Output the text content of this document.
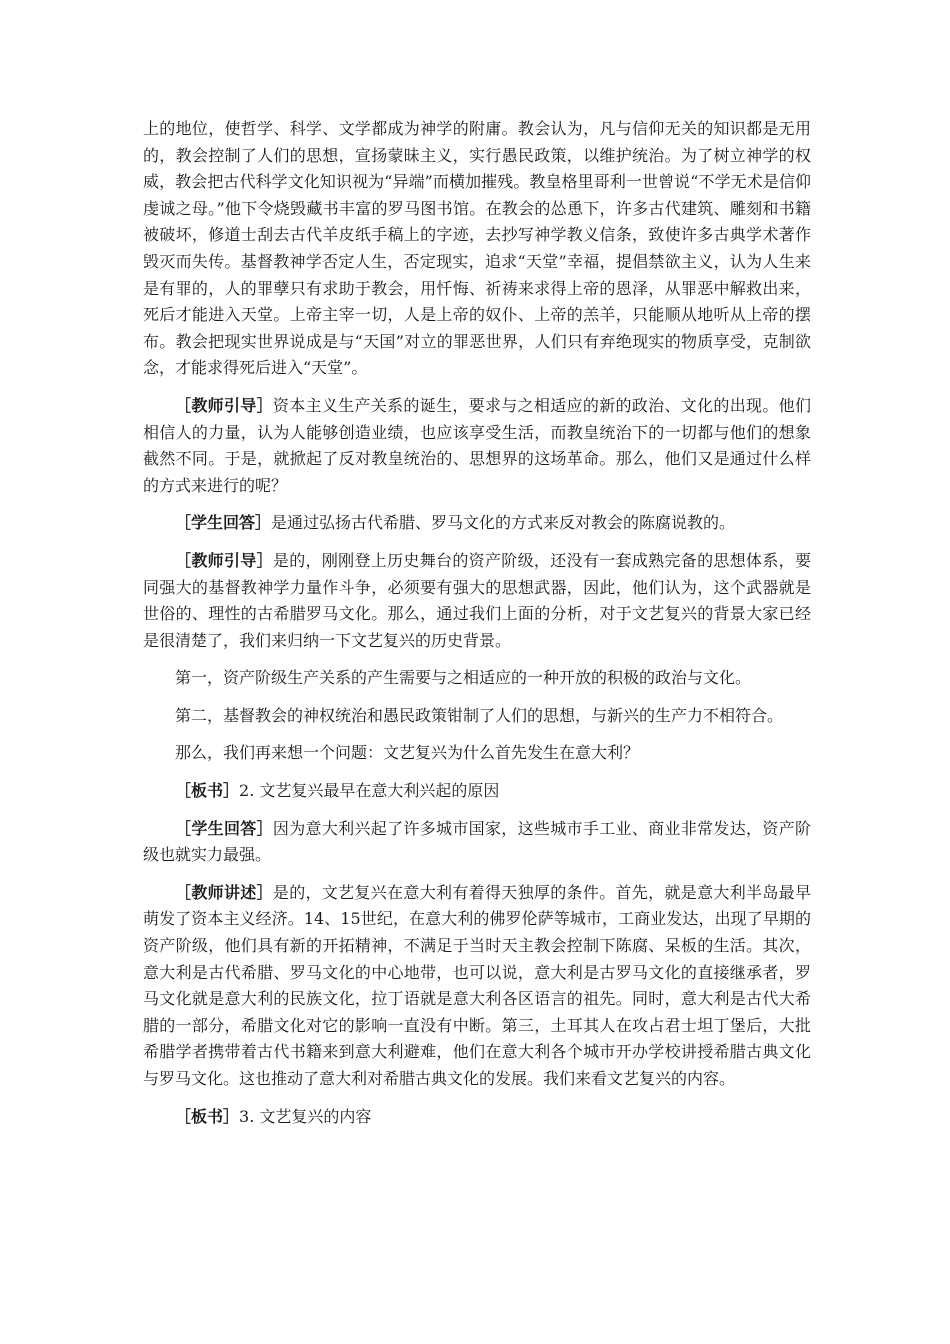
上的地位，使哲学、科学、文学都成为神学的附庸。教会认为，凡与信仰无关的知识都是无用的，教会控制了人们的思想，宣扬蒙昧主义，实行愚民政策，以维护统治。为了树立神学的权威，教会把古代科学文化知识视为“异端”而横加摧残。教皇格里哥利一世曾说“不学无术是信仰虔诚之母。”他下令烧毁藏书丰富的罗马图书馆。在教会的怂恿下，许多古代建筑、雕刻和书籍被破坏，修道士刮去古代羊皮纸手稿上的字迹，去抄写神学教义信条，致使许多古典学术著作毁灭而失传。基督教神学否定人生，否定现实，追求“天堂”幸福，提倡禁欲主义，认为人生来是有罪的，人的罪孽只有求助于教会，用忏悔、祈祷来求得上帝的恩泽，从罪恶中解救出来，死后才能进入天堂。上帝主宰一切，人是上帝的奴仆、上帝的羔羊，只能顺从地听从上帝的摆布。教会把现实世界说成是与“天国”对立的罪恶世界，人们只有弃绝现实的物质享受，克制欲念，才能求得死后进入“天堂”。

［教师引导］资本主义生产关系的诞生，要求与之相适应的新的政治、文化的出现。他们相信人的力量，认为人能够创造业绩，也应该享受生活，而教皇统治下的一切都与他们的想象截然不同。于是，就掀起了反对教皇统治的、思想界的这场革命。那么，他们又是通过什么样的方式来进行的呢？

［学生回答］是通过弘扬古代希腊、罗马文化的方式来反对教会的陈腐说教的。

［教师引导］是的，刚刚登上历史舞台的资产阶级，还没有一套成熟完备的思想体系，要同强大的基督教神学力量作斗争，必须要有强大的思想武器，因此，他们认为，这个武器就是世俗的、理性的古希腊罗马文化。那么，通过我们上面的分析，对于文艺复兴的背景大家已经是很清楚了，我们来归纳一下文艺复兴的历史背景。

第一，资产阶级生产关系的产生需要与之相适应的一种开放的积极的政治与文化。

第二，基督教会的神权统治和愚民政策钳制了人们的思想，与新兴的生产力不相符合。

那么，我们再来想一个问题：文艺复兴为什么首先发生在意大利？

［板书］2. 文艺复兴最早在意大利兴起的原因

［学生回答］因为意大利兴起了许多城市国家，这些城市手工业、商业非常发达，资产阶级也就实力最强。

［教师讲述］是的，文艺复兴在意大利有着得天独厚的条件。首先，就是意大利半岛最早萌发了资本主义经济。14、15世纪，在意大利的佛罗伦萨等城市，工商业发达，出现了早期的资产阶级，他们具有新的开拓精神，不满足于当时天主教会控制下陈腐、呆板的生活。其次，意大利是古代希腊、罗马文化的中心地带，也可以说，意大利是古罗马文化的直接继承者，罗马文化就是意大利的民族文化，拉丁语就是意大利各区语言的祖先。同时，意大利是古代大希腊的一部分，希腊文化对它的影响一直没有中断。第三，土耳其人在攻占君士坦丁堡后，大批希腊学者携带着古代书籍来到意大利避难，他们在意大利各个城市开办学校讲授希腊古典文化与罗马文化。这也推动了意大利对希腊古典文化的发展。我们来看文艺复兴的内容。

［板书］3. 文艺复兴的内容
